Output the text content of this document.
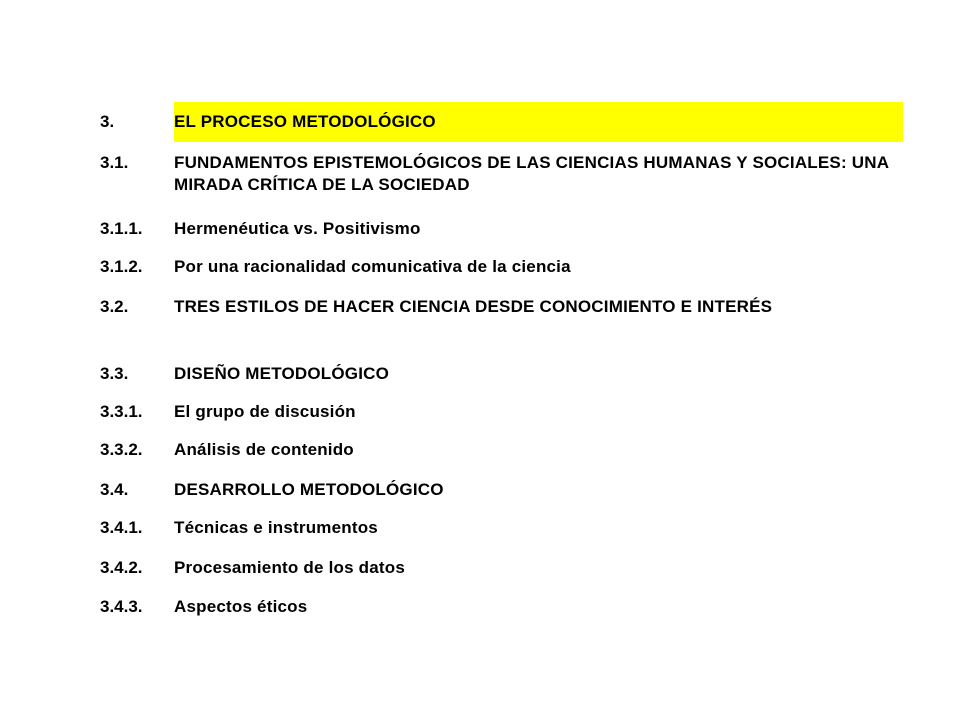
3.	EL PROCESO METODOLÓGICO
3.1.	FUNDAMENTOS EPISTEMOLÓGICOS DE LAS CIENCIAS HUMANAS Y SOCIALES: UNA MIRADA CRÍTICA DE LA SOCIEDAD
3.1.1.	Hermenéutica vs. Positivismo
3.1.2.	Por una racionalidad comunicativa de la ciencia
3.2.	TRES ESTILOS DE HACER CIENCIA DESDE CONOCIMIENTO E INTERÉS
3.3.	DISEÑO METODOLÓGICO
3.3.1.	El grupo de discusión
3.3.2.	Análisis de contenido
3.4.	DESARROLLO METODOLÓGICO
3.4.1.	Técnicas e instrumentos
3.4.2.	Procesamiento de los datos
3.4.3.	Aspectos éticos
